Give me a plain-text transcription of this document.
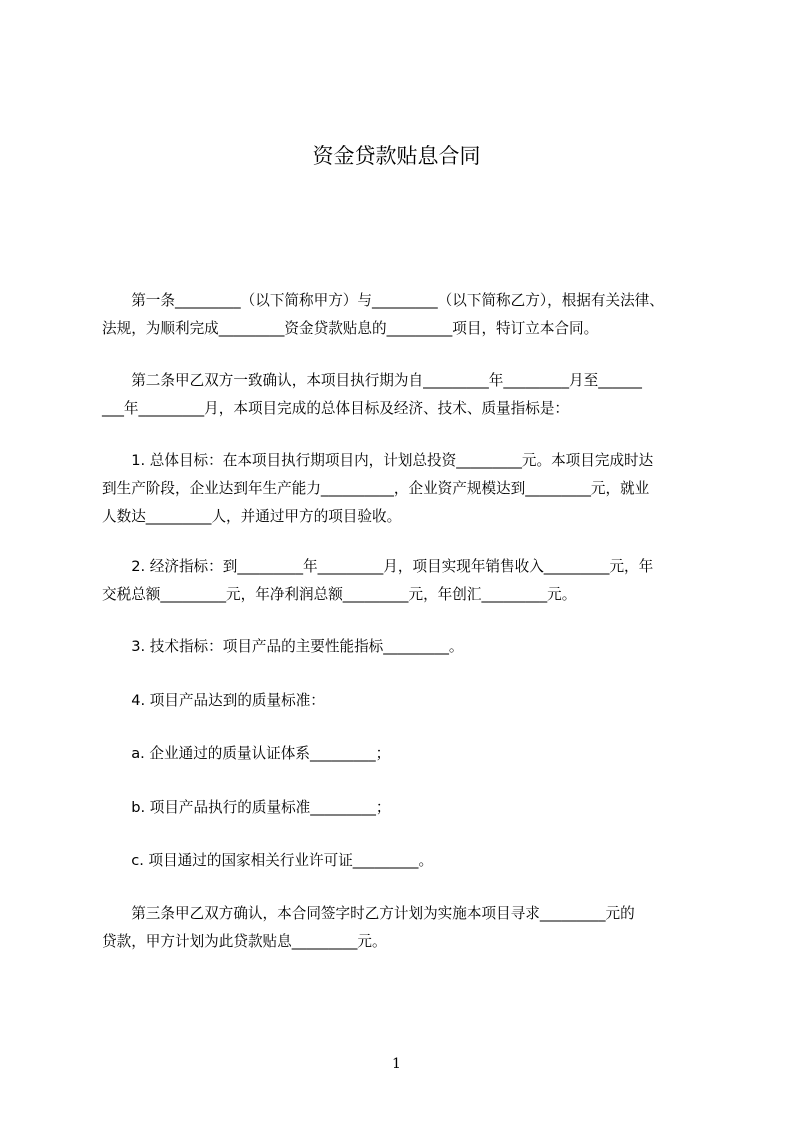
资金贷款贴息合同

　　第一条_________（以下简称甲方）与_________（以下简称乙方），根据有关法律、
法规，为顺利完成_________资金贷款贴息的_________项目，特订立本合同。

　　第二条甲乙双方一致确认，本项目执行期为自_________年_________月至______
___年_________月，本项目完成的总体目标及经济、技术、质量指标是：

　　1. 总体目标：在本项目执行期项目内，计划总投资_________元。本项目完成时达
到生产阶段，企业达到年生产能力__________，企业资产规模达到_________元，就业
人数达_________人，并通过甲方的项目验收。

　　2. 经济指标：到_________年_________月，项目实现年销售收入_________元，年
交税总额_________元，年净利润总额_________元，年创汇_________元。

　　3. 技术指标：项目产品的主要性能指标_________。

　　4. 项目产品达到的质量标准：

　　a. 企业通过的质量认证体系_________；

　　b. 项目产品执行的质量标准_________；

　　c. 项目通过的国家相关行业许可证_________。

　　第三条甲乙双方确认，本合同签字时乙方计划为实施本项目寻求_________元的
贷款，甲方计划为此贷款贴息_________元。

1
